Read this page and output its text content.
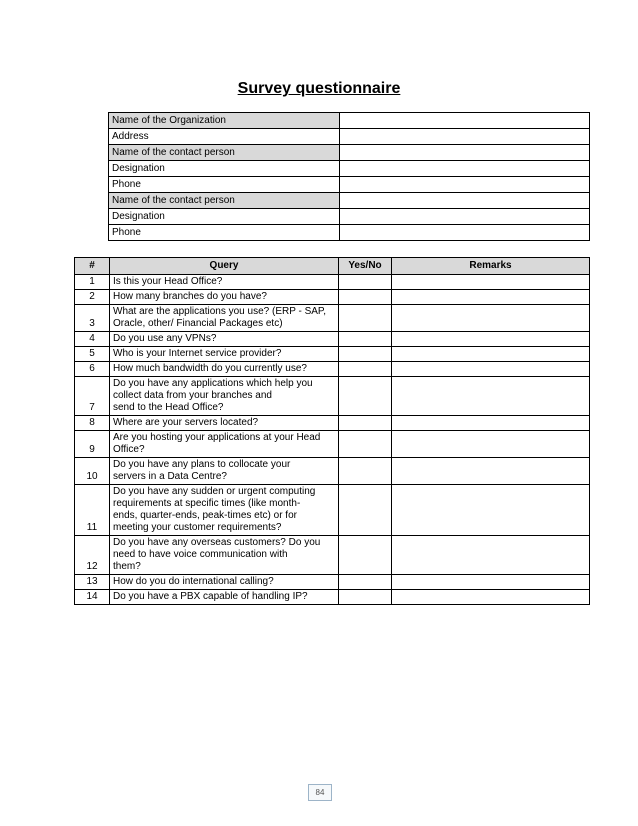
Survey questionnaire
Name of the Organization	
Address	
Name of the contact person	
Designation	
Phone	
Name of the contact person	
Designation	
Phone	
#	Query	Yes/No	Remarks
1	Is this your Head Office?		

2	How many branches do you have?		

3	What are the applications you use? (ERP - SAP,
Oracle, other/ Financial Packages etc)		

4	Do you use any VPNs?		

5	Who is your Internet service provider?		

6	How much bandwidth do you currently use?		

7	Do you have any applications which help you
collect data from your branches and
send to the Head Office?		

8	Where are your servers located?		

9	Are you hosting your applications at your Head
Office?		

10	Do you have any plans to collocate your
servers in a Data Centre?		

11	Do you have any sudden or urgent computing
requirements at specific times (like month-
ends, quarter-ends, peak-times etc) or for
meeting your customer requirements?		

12	Do you have any overseas customers? Do you
need to have voice communication with
them?		

13	How do you do international calling?		

14	Do you have a PBX capable of handling IP?		

84
